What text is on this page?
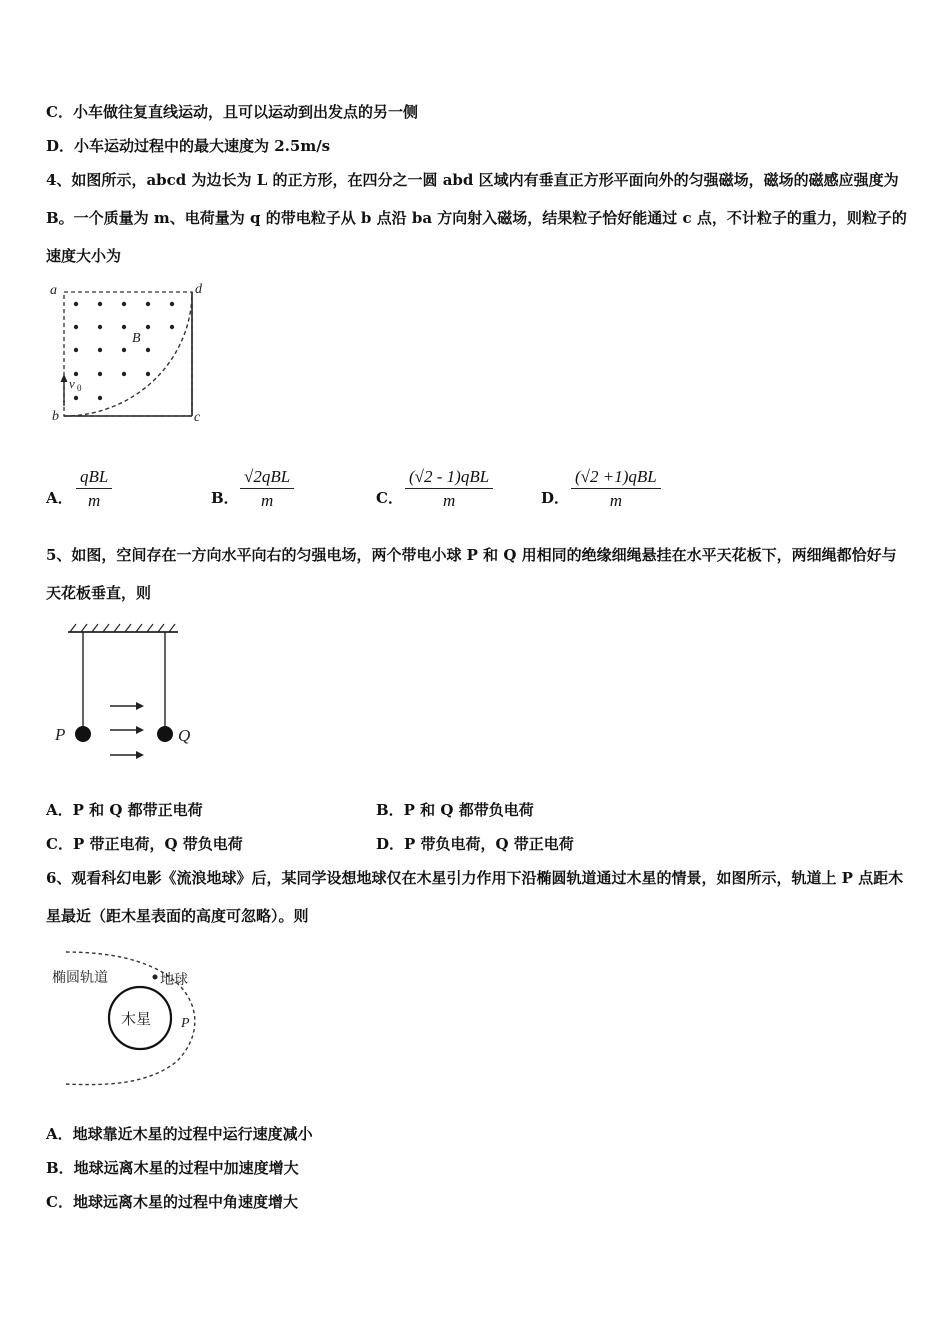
C．小车做往复直线运动，且可以运动到出发点的另一侧
D．小车运动过程中的最大速度为 2.5m/s
4、如图所示，abcd 为边长为 L 的正方形，在四分之一圆 abd 区域内有垂直正方形平面向外的匀强磁场，磁场的磁感应强度为 B。一个质量为 m、电荷量为 q 的带电粒子从 b 点沿 ba 方向射入磁场，结果粒子恰好能通过 c 点，不计粒子的重力，则粒子的速度大小为
a	d
b	c
B
v 0
A．
qBL
m	B．
√2qBL
m	C．
(√2 - 1)qBL
m	D．
(√2 +1)qBL
m
5、如图，空间存在一方向水平向右的匀强电场，两个带电小球 P 和 Q 用相同的绝缘细绳悬挂在水平天花板下，两细绳都恰好与天花板垂直，则
P	Q
A．P 和 Q 都带正电荷	B．P 和 Q 都带负电荷
C．P 带正电荷，Q 带负电荷	D．P 带负电荷，Q 带正电荷
6、观看科幻电影《流浪地球》后，某同学设想地球仅在木星引力作用下沿椭圆轨道通过木星的情景，如图所示，轨道上 P 点距木星最近（距木星表面的高度可忽略）。则
椭圆轨道	地球
木星 P
A．地球靠近木星的过程中运行速度减小
B．地球远离木星的过程中加速度增大
C．地球远离木星的过程中角速度增大
